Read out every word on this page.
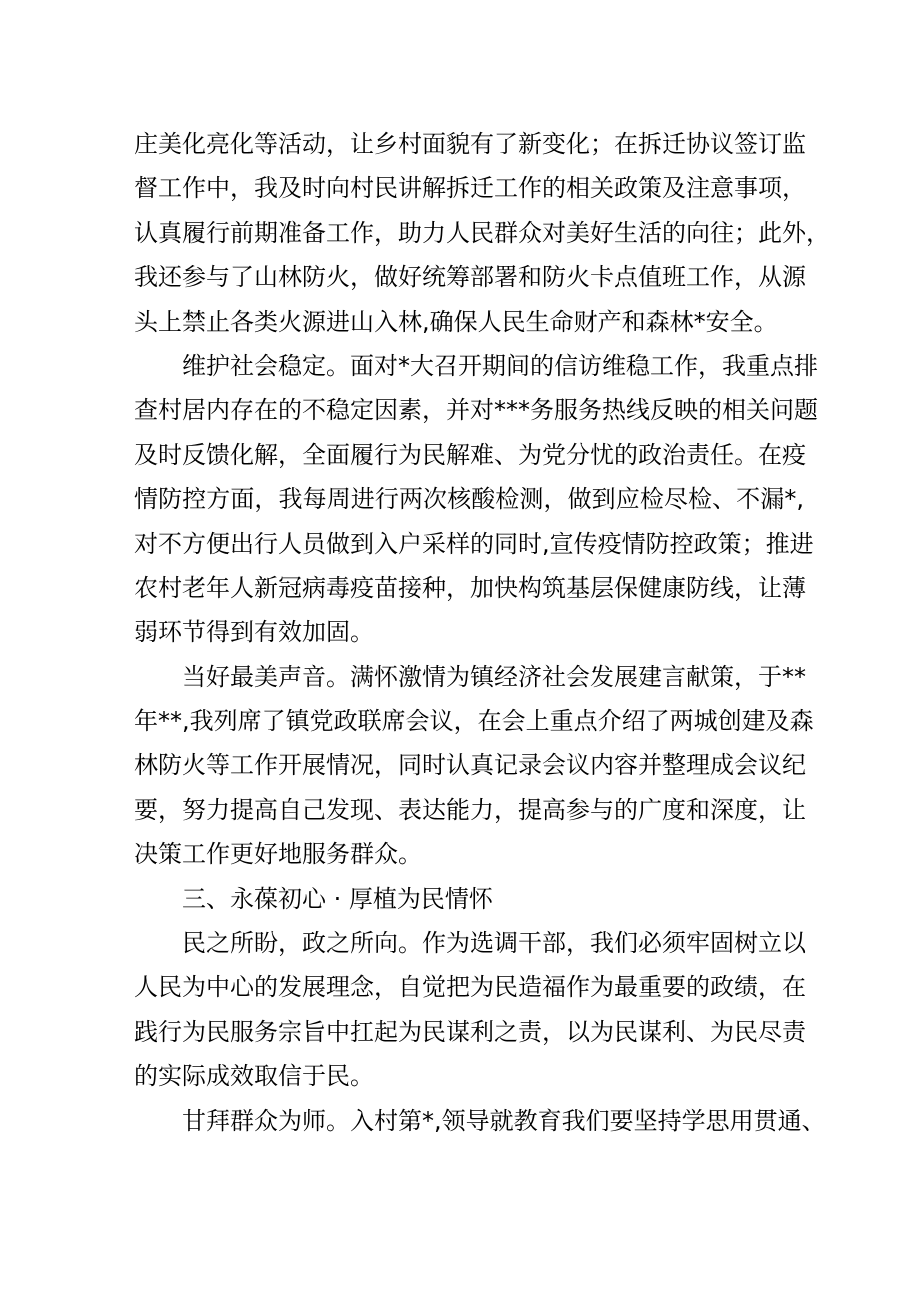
庄美化亮化等活动，让乡村面貌有了新变化；在拆迁协议签订监
督工作中，我及时向村民讲解拆迁工作的相关政策及注意事项，
认真履行前期准备工作，助力人民群众对美好生活的向往；此外，
我还参与了山林防火，做好统筹部署和防火卡点值班工作，从源
头上禁止各类火源进山入林,确保人民生命财产和森林*安全。
维护社会稳定。面对*大召开期间的信访维稳工作，我重点排
查村居内存在的不稳定因素，并对***务服务热线反映的相关问题
及时反馈化解，全面履行为民解难、为党分忧的政治责任。在疫
情防控方面，我每周进行两次核酸检测，做到应检尽检、不漏*,
对不方便出行人员做到入户采样的同时,宣传疫情防控政策；推进
农村老年人新冠病毒疫苗接种，加快构筑基层保健康防线，让薄
弱环节得到有效加固。
当好最美声音。满怀激情为镇经济社会发展建言献策，于**
年**,我列席了镇党政联席会议，在会上重点介绍了两城创建及森
林防火等工作开展情况，同时认真记录会议内容并整理成会议纪
要，努力提高自己发现、表达能力，提高参与的广度和深度，让
决策工作更好地服务群众。
三、永葆初心 · 厚植为民情怀
民之所盼，政之所向。作为选调干部，我们必须牢固树立以
人民为中心的发展理念，自觉把为民造福作为最重要的政绩，在
践行为民服务宗旨中扛起为民谋利之责，以为民谋利、为民尽责
的实际成效取信于民。
甘拜群众为师。入村第*,领导就教育我们要坚持学思用贯通、
